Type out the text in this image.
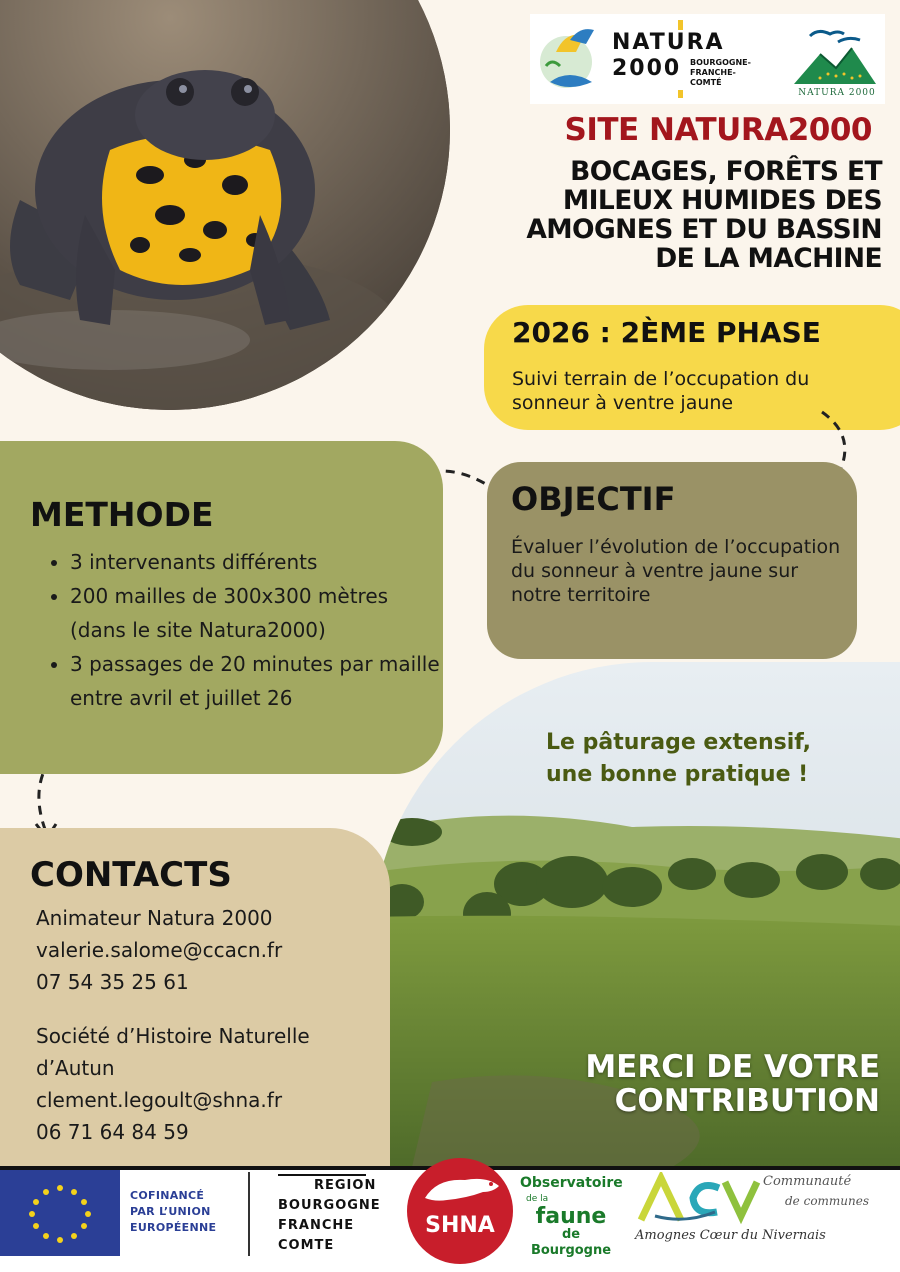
NATURA
2000 BOURGOGNE-
FRANCHE-
COMTÉ
NATURA 2000
SITE NATURA2000
BOCAGES, FORÊTS ET
MILEUX HUMIDES DES
AMOGNES ET DU BASSIN
DE LA MACHINE
2026 : 2ÈME PHASE
Suivi terrain de l’occupation du sonneur à ventre jaune
OBJECTIF
Évaluer l’évolution de l’occupation du sonneur à ventre jaune sur notre territoire
METHODE
• 3 intervenants différents
• 200 mailles de 300x300 mètres (dans le site Natura2000)
• 3 passages de 20 minutes par maille entre avril et juillet 26
Le pâturage extensif,
une bonne pratique !
MERCI DE VOTRE
CONTRIBUTION
CONTACTS
Animateur Natura 2000
valerie.salome@ccacn.fr
07 54 35 25 61
Société d’Histoire Naturelle
d’Autun
clement.legoult@shna.fr
06 71 64 84 59
COFINANCÉ
PAR L’UNION
EUROPÉENNE
REGION
BOURGOGNE
FRANCHE
COMTE
SHNA
Observatoire
de la
faune
de Bourgogne
Communauté
de communes
Amognes Cœur du Nivernais
